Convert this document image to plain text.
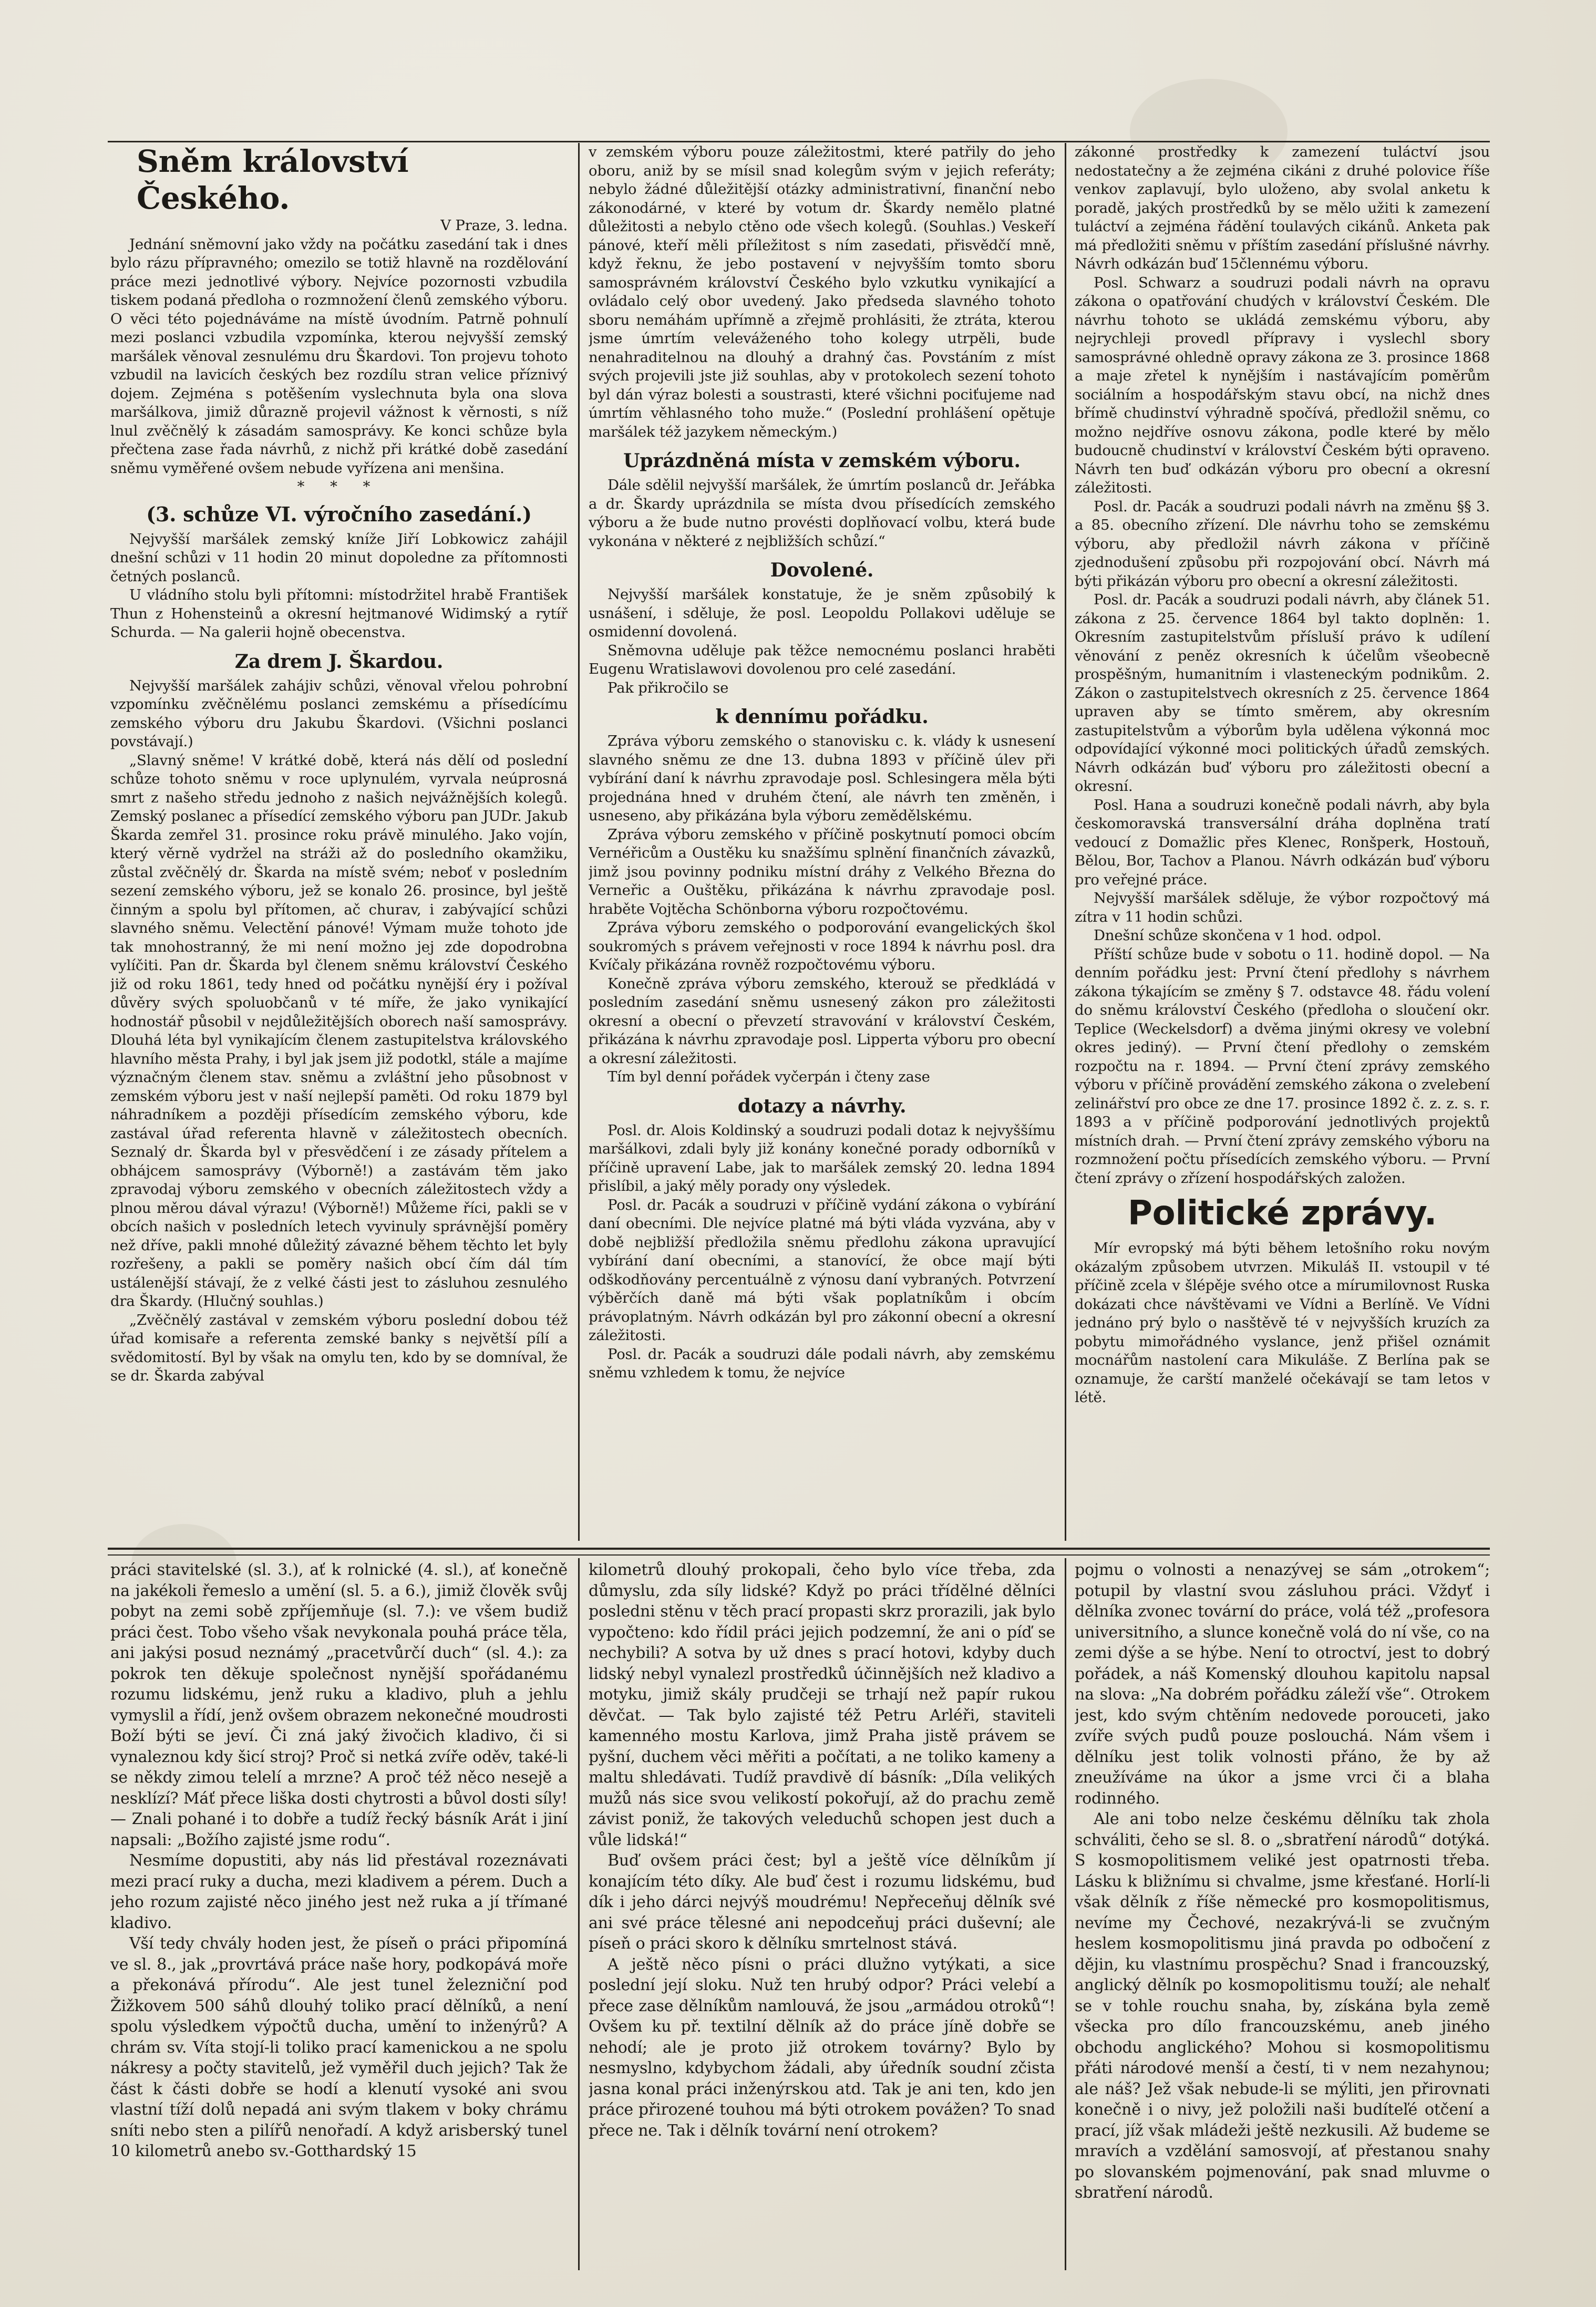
Sněm království Českého.

V Praze, 3. ledna.

Jednání sněmovní jako vždy na počátku zasedání tak i dnes bylo rázu přípravného; omezilo se totiž hlavně na rozdělování práce mezi jednotlivé výbory. Nejvíce pozornosti vzbudila tiskem podaná předloha o rozmnožení členů zemského výboru. O věci této pojednáváme na místě úvodním. Patrně pohnulí mezi poslanci vzbudila vzpomínka, kterou nejvyšší zemský maršálek věnoval zesnulému dru Škardovi. Ton projevu tohoto vzbudil na lavicích českých bez rozdílu stran velice příznivý dojem. Zejména s potěšením vyslechnuta byla ona slova maršálkova, jimiž důrazně projevil vážnost k věrnosti, s níž lnul zvěčnělý k zásadám samosprávy. Ke konci schůze byla přečtena zase řada návrhů, z nichž při krátké době zasedání sněmu vyměřené ovšem nebude vyřízena ani menšina.

* * *

(3. schůze VI. výročního zasedání.)

Nejvyšší maršálek zemský kníže Jiří Lobkowicz zahájil dnešní schůzi v 11 hodin 20 minut dopoledne za přítomnosti četných poslanců.

U vládního stolu byli přítomni: místodržitel hrabě František Thun z Hohensteinů a okresní hejtmanové Widimský a rytíř Schurda. — Na galerii hojně obecenstva.

Za drem J. Škardou.

Nejvyšší maršálek zahájiv schůzi, věnoval vřelou pohrobní vzpomínku zvěčnělému poslanci zemskému a přísedícímu zemského výboru dru Jakubu Škardovi. (Všichni poslanci povstávají.)

„Slavný sněme! V krátké době, která nás dělí od poslední schůze tohoto sněmu v roce uplynulém, vyrvala neúprosná smrt z našeho středu jednoho z našich nejvážnějších kolegů. Zemský poslanec a přísedící zemského výboru pan JUDr. Jakub Škarda zemřel 31. prosince roku právě minulého. Jako vojín, který věrně vydržel na stráži až do posledního okamžiku, zůstal zvěčnělý dr. Škarda na místě svém; neboť v posledním sezení zemského výboru, jež se konalo 26. prosince, byl ještě činným a spolu byl přítomen, ač churav, i zabývající schůzi slavného sněmu. Velectění pánové! Výmam muže tohoto jde tak mnohostranný, že mi není možno jej zde dopodrobna vylíčiti. Pan dr. Škarda byl členem sněmu království Českého již od roku 1861, tedy hned od počátku nynější éry i požíval důvěry svých spoluobčanů v té míře, že jako vynikající hodnostář působil v nejdůležitějších oborech naší samosprávy. Dlouhá léta byl vynikajícím členem zastupitelstva královského hlavního města Prahy, i byl jak jsem již podotkl, stále a majíme význačným členem stav. sněmu a zvláštní jeho působnost v zemském výboru jest v naší nejlepší paměti. Od roku 1879 byl náhradníkem a později přísedícím zemského výboru, kde zastával úřad referenta hlavně v záležitostech obecních. Seznalý dr. Škarda byl v přesvědčení i ze zásady přítelem a obhájcem samosprávy (Výborně!) a zastávám těm jako zpravodaj výboru zemského v obecních záležitostech vždy a plnou měrou dával výrazu! (Výborně!) Můžeme říci, pakli se v obcích našich v posledních letech vyvinuly správnější poměry než dříve, pakli mnohé důležitý závazné během těchto let byly rozřešeny, a pakli se poměry našich obcí čím dál tím ustálenější stávají, že z velké části jest to zásluhou zesnulého dra Škardy. (Hlučný souhlas.)

„Zvěčnělý zastával v zemském výboru poslední dobou též úřad komisaře a referenta zemské banky s největší pílí a svědomitostí. Byl by však na omylu ten, kdo by se domníval, že se dr. Škarda zabýval

v zemském výboru pouze záležitostmi, které patřily do jeho oboru, aniž by se mísil snad kolegům svým v jejich referáty; nebylo žádné důležitější otázky administrativní, finanční nebo zákonodárné, v které by votum dr. Škardy nemělo platné důležitosti a nebylo ctěno ode všech kolegů. (Souhlas.) Veskeří pánové, kteří měli příležitost s ním zasedati, přisvědčí mně, když řeknu, že jebo postavení v nejvyšším tomto sboru samosprávném království Českého bylo vzkutku vynikající a ovládalo celý obor uvedený. Jako předseda slavného tohoto sboru nemáhám upřímně a zřejmě prohlásiti, že ztráta, kterou jsme úmrtím veleváženého toho kolegy utrpěli, bude nenahraditelnou na dlouhý a drahný čas. Povstáním z míst svých projevili jste již souhlas, aby v protokolech sezení tohoto byl dán výraz bolesti a soustrasti, které všichni pociťujeme nad úmrtím věhlasného toho muže.“ (Poslední prohlášení opětuje maršálek též jazykem německým.)

Uprázdněná místa v zemském výboru.

Dále sdělil nejvyšší maršálek, že úmrtím poslanců dr. Jeřábka a dr. Škardy uprázdnila se místa dvou přísedících zemského výboru a že bude nutno provésti doplňovací volbu, která bude vykonána v některé z nejbližších schůzí.“

Dovolené.

Nejvyšší maršálek konstatuje, že je sněm způsobilý k usnášení, i sděluje, že posl. Leopoldu Pollakovi uděluje se osmidenní dovolená.

Sněmovna uděluje pak těžce nemocnému poslanci hraběti Eugenu Wratislawovi dovolenou pro celé zasedání.

Pak přikročilo se

k dennímu pořádku.

Zpráva výboru zemského o stanovisku c. k. vlády k usnesení slavného sněmu ze dne 13. dubna 1893 v příčině úlev při vybírání daní k návrhu zpravodaje posl. Schlesingera měla býti projednána hned v druhém čtení, ale návrh ten změněn, i usneseno, aby přikázána byla výboru zemědělskému.

Zpráva výboru zemského v příčině poskytnutí pomoci obcím Vernéřicům a Oustěku ku snažšímu splnění finančních závazků, jimž jsou povinny podniku místní dráhy z Velkého Března do Verneřic a Ouštěku, přikázána k návrhu zpravodaje posl. hraběte Vojtěcha Schönborna výboru rozpočtovému.

Zpráva výboru zemského o podporování evangelických škol soukromých s právem veřejnosti v roce 1894 k návrhu posl. dra Kvíčaly přikázána rovněž rozpočtovému výboru.

Konečně zpráva výboru zemského, kterouž se předkládá v posledním zasedání sněmu usnesený zákon pro záležitosti okresní a obecní o převzetí stravování v království Českém, přikázána k návrhu zpravodaje posl. Lipperta výboru pro obecní a okresní záležitosti.

Tím byl denní pořádek vyčerpán i čteny zase

dotazy a návrhy.

Posl. dr. Alois Koldinský a soudruzi podali dotaz k nejvyššímu maršálkovi, zdali byly již konány konečné porady odborníků v příčině upravení Labe, jak to maršálek zemský 20. ledna 1894 přislíbil, a jaký měly porady ony výsledek.

Posl. dr. Pacák a soudruzi v příčině vydání zákona o vybírání daní obecními. Dle nejvíce platné má býti vláda vyzvána, aby v době nejbližší předložila sněmu předlohu zákona upravující vybírání daní obecními, a stanovící, že obce mají býti odškodňovány percentuálně z výnosu daní vybraných. Potvrzení výběrčích daně má býti však poplatníkům i obcím právoplatným. Návrh odkázán byl pro zákonní obecní a okresní záležitosti.

Posl. dr. Pacák a soudruzi dále podali návrh, aby zemskému sněmu vzhledem k tomu, že nejvíce

zákonné prostředky k zamezení tuláctví jsou nedostatečny a že zejména cikáni z druhé polovice říše venkov zaplavují, bylo uloženo, aby svolal anketu k poradě, jakých prostředků by se mělo užiti k zamezení tuláctví a zejména řádění toulavých cikánů. Anketa pak má předložiti sněmu v příštím zasedání příslušné návrhy. Návrh odkázán buď 15člennému výboru.

Posl. Schwarz a soudruzi podali návrh na opravu zákona o opatřování chudých v království Českém. Dle návrhu tohoto se ukládá zemskému výboru, aby nejrychleji provedl přípravy i vyslechl sbory samosprávné ohledně opravy zákona ze 3. prosince 1868 a maje zřetel k nynějším i nastávajícím poměrům sociálním a hospodářským stavu obcí, na nichž dnes břímě chudinství výhradně spočívá, předložil sněmu, co možno nejdříve osnovu zákona, podle které by mělo budoucně chudinství v království Českém býti opraveno. Návrh ten buď odkázán výboru pro obecní a okresní záležitosti.

Posl. dr. Pacák a soudruzi podali návrh na změnu §§ 3. a 85. obecního zřízení. Dle návrhu toho se zemskému výboru, aby předložil návrh zákona v příčině zjednodušení způsobu při rozpojování obcí. Návrh má býti přikázán výboru pro obecní a okresní záležitosti.

Posl. dr. Pacák a soudruzi podali návrh, aby článek 51. zákona z 25. července 1864 byl takto doplněn: 1. Okresním zastupitelstvům přísluší právo k udílení věnování z peněz okresních k účelům všeobecně prospěšným, humanitním i vlasteneckým podnikům. 2. Zákon o zastupitelstvech okresních z 25. července 1864 upraven aby se tímto směrem, aby okresním zastupitelstvům a výborům byla udělena výkonná moc odpovídající výkonné moci politických úřadů zemských. Návrh odkázán buď výboru pro záležitosti obecní a okresní.

Posl. Hana a soudruzi konečně podali návrh, aby byla českomoravská transversální dráha doplněna tratí vedoucí z Domažlic přes Klenec, Ronšperk, Hostouň, Bělou, Bor, Tachov a Planou. Návrh odkázán buď výboru pro veřejné práce.

Nejvyšší maršálek sděluje, že výbor rozpočtový má zítra v 11 hodin schůzi.

Dnešní schůze skončena v 1 hod. odpol.

Příští schůze bude v sobotu o 11. hodině dopol. — Na denním pořádku jest: První čtení předlohy s návrhem zákona týkajícím se změny § 7. odstavce 48. řádu volení do sněmu království Českého (předloha o sloučení okr. Teplice (Weckelsdorf) a dvěma jinými okresy ve volební okres jediný). — První čtení předlohy o zemském rozpočtu na r. 1894. — První čtení zprávy zemského výboru v příčině provádění zemského zákona o zvelebení zelinářství pro obce ze dne 17. prosince 1892 č. z. z. s. r. 1893 a v příčině podporování jednotlivých projektů místních drah. — První čtení zprávy zemského výboru na rozmnožení počtu přísedících zemského výboru. — První čtení zprávy o zřízení hospodářských založen.

Politické zprávy.

Mír evropský má býti během letošního roku novým okázalým způsobem utvrzen. Mikuláš II. vstoupil v té příčině zcela v šlépěje svého otce a mírumilovnost Ruska dokázati chce návštěvami ve Vídni a Berlíně. Ve Vídni jednáno prý bylo o nasštěvě té v nejvyšších kruzích za pobytu mimořádného vyslance, jenž přišel oznámit mocnářům nastolení cara Mikuláše. Z Berlína pak se oznamuje, že carští manželé očekávají se tam letos v létě.

práci stavitelské (sl. 3.), ať k rolnické (4. sl.), ať konečně na jakékoli řemeslo a umění (sl. 5. a 6.), jimiž člověk svůj pobyt na zemi sobě zpříjemňuje (sl. 7.): ve všem budiž práci čest. Tobo všeho však nevykonala pouhá práce těla, ani jakýsi posud neznámý „pracetvůrčí duch“ (sl. 4.): za pokrok ten děkuje společnost nynější spořádanému rozumu lidskému, jenž ruku a kladivo, pluh a jehlu vymyslil a řídí, jenž ovšem obrazem nekonečné moudrosti Boží býti se jeví. Či zná jaký živočich kladivo, či si vynaleznou kdy šicí stroj? Proč si netká zvíře oděv, také-li se někdy zimou telelí a mrzne? A proč též něco nesejě a nesklízí? Máť přece liška dosti chytrosti a bůvol dosti síly! — Znali pohané i to dobře a tudíž řecký básník Arát i jiní napsali: „Božího zajisté jsme rodu“.

Nesmíme dopustiti, aby nás lid přestával rozeznávati mezi prací ruky a ducha, mezi kladivem a pérem. Duch a jeho rozum zajisté něco jiného jest než ruka a jí třímané kladivo.

Vší tedy chvály hoden jest, že píseň o práci připomíná ve sl. 8., jak „provrtává práce naše hory, podkopává moře a překonává přírodu“. Ale jest tunel železniční pod Žižkovem 500 sáhů dlouhý toliko prací dělníků, a není spolu výsledkem výpočtů ducha, umění to inženýrů? A chrám sv. Víta stojí-li toliko prací kamenickou a ne spolu nákresy a počty stavitelů, jež vyměřil duch jejich? Tak že část k části dobře se hodí a klenutí vysoké ani svou vlastní tíží dolů nepadá ani svým tlakem v boky chrámu sníti nebo sten a pilířů nenořadí. A když arisberský tunel 10 kilometrů anebo sv.-Gotthardský 15

kilometrů dlouhý prokopali, čeho bylo více třeba, zda důmyslu, zda síly lidské? Když po práci třídělné dělníci posledni stěnu v těch prací propasti skrz prorazili, jak bylo vypočteno: kdo řídil práci jejich podzemní, že ani o píď se nechybili? A sotva by už dnes s prací hotovi, kdyby duch lidský nebyl vynalezl prostředků účinnějších než kladivo a motyku, jimiž skály prudčeji se trhají než papír rukou děvčat. — Tak bylo zajisté též Petru Arléři, staviteli kamenného mostu Karlova, jimž Praha jistě právem se pyšní, duchem věci měřiti a počítati, a ne toliko kameny a maltu shledávati. Tudíž pravdivě dí básník: „Díla velikých mužů nás sice svou velikostí pokořují, až do prachu země závist poniž, že takových veleduchů schopen jest duch a vůle lidská!“

Buď ovšem práci čest; byl a ještě více dělníkům jí konajícím této díky. Ale buď čest i rozumu lidskému, buď dík i jeho dárci nejvýš moudrému! Nepřeceňuj dělník své ani své práce tělesné ani nepodceňuj práci duševní; ale píseň o práci skoro k dělníku smrtelnost stává.

A ještě něco písni o práci dlužno vytýkati, a sice poslední její sloku. Nuž ten hrubý odpor? Práci velebí a přece zase dělníkům namlouvá, že jsou „armádou otroků“! Ovšem ku př. textilní dělník až do práce jíně dobře se nehodí; ale je proto již otrokem továrny? Bylo by nesmyslno, kdybychom žádali, aby úředník soudní zčista jasna konal práci inženýrskou atd. Tak je ani ten, kdo jen práce přirozené touhou má býti otrokem povážen? To snad přece ne. Tak i dělník tovární není otrokem?

pojmu o volnosti a nenazývej se sám „otrokem“; potupil by vlastní svou zásluhou práci. Vždyť i dělníka zvonec tovární do práce, volá též „profesora universitního, a slunce konečně volá do ní vše, co na zemi dýše a se hýbe. Není to otroctví, jest to dobrý pořádek, a náš Komenský dlouhou kapitolu napsal na slova: „Na dobrém pořádku záleží vše“. Otrokem jest, kdo svým chtěním nedovede porouceti, jako zvíře svých pudů pouze poslouchá. Nám všem i dělníku jest tolik volnosti přáno, že by až zneužíváme na úkor a jsme vrci či a blaha rodinného.

Ale ani tobo nelze českému dělníku tak zhola schváliti, čeho se sl. 8. o „sbratření národů“ dotýká. S kosmopolitismem veliké jest opatrnosti třeba. Lásku k bližnímu si chvalme, jsme křesťané. Horlí-li však dělník z říše německé pro kosmopolitismus, nevíme my Čechové, nezakrývá-li se zvučným heslem kosmopolitismu jiná pravda po odbočení z dějin, ku vlastnímu prospěchu? Snad i francouzský, anglický dělník po kosmopolitismu touží; ale nehalť se v tohle rouchu snaha, by, získána byla země všecka pro dílo francouzskému, aneb jiného obchodu anglického? Mohou si kosmopolitismu přáti národové menší a čestí, ti v nem nezahynou; ale náš? Jež však nebude-li se mýliti, jen přirovnati konečně i o nivy, jež položili naši budíteľé otčení a prací, jíž však mládeži ještě nezkusili. Až budeme se mravích a vzdělání samosvojí, ať přestanou snahy po slovanském pojmenování, pak snad mluvme o sbratření národů.
